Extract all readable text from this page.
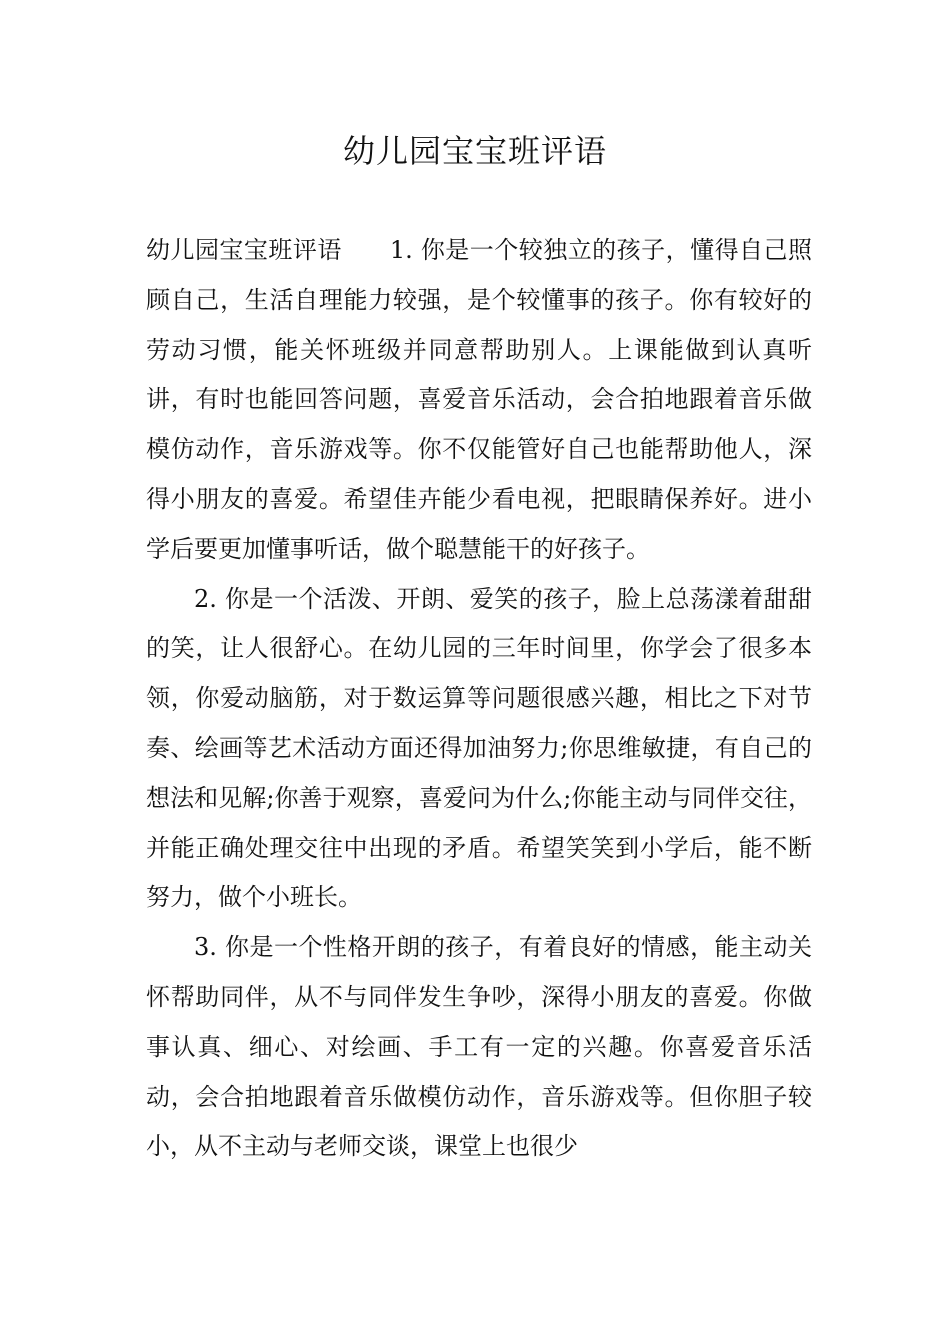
幼儿园宝宝班评语

幼儿园宝宝班评语 1. 你是一个较独立的孩子，懂得自己照顾自己，生活自理能力较强，是个较懂事的孩子。你有较好的劳动习惯，能关怀班级并同意帮助别人。上课能做到认真听讲，有时也能回答问题，喜爱音乐活动，会合拍地跟着音乐做模仿动作，音乐游戏等。你不仅能管好自己也能帮助他人，深得小朋友的喜爱。希望佳卉能少看电视，把眼睛保养好。进小学后要更加懂事听话，做个聪慧能干的好孩子。

2. 你是一个活泼、开朗、爱笑的孩子，脸上总荡漾着甜甜的笑，让人很舒心。在幼儿园的三年时间里，你学会了很多本领，你爱动脑筋，对于数运算等问题很感兴趣，相比之下对节奏、绘画等艺术活动方面还得加油努力;你思维敏捷，有自己的想法和见解;你善于观察，喜爱问为什么;你能主动与同伴交往，并能正确处理交往中出现的矛盾。希望笑笑到小学后，能不断努力，做个小班长。

3. 你是一个性格开朗的孩子，有着良好的情感，能主动关怀帮助同伴，从不与同伴发生争吵，深得小朋友的喜爱。你做事认真、细心、对绘画、手工有一定的兴趣。你喜爱音乐活动，会合拍地跟着音乐做模仿动作，音乐游戏等。但你胆子较小，从不主动与老师交谈，课堂上也很少
